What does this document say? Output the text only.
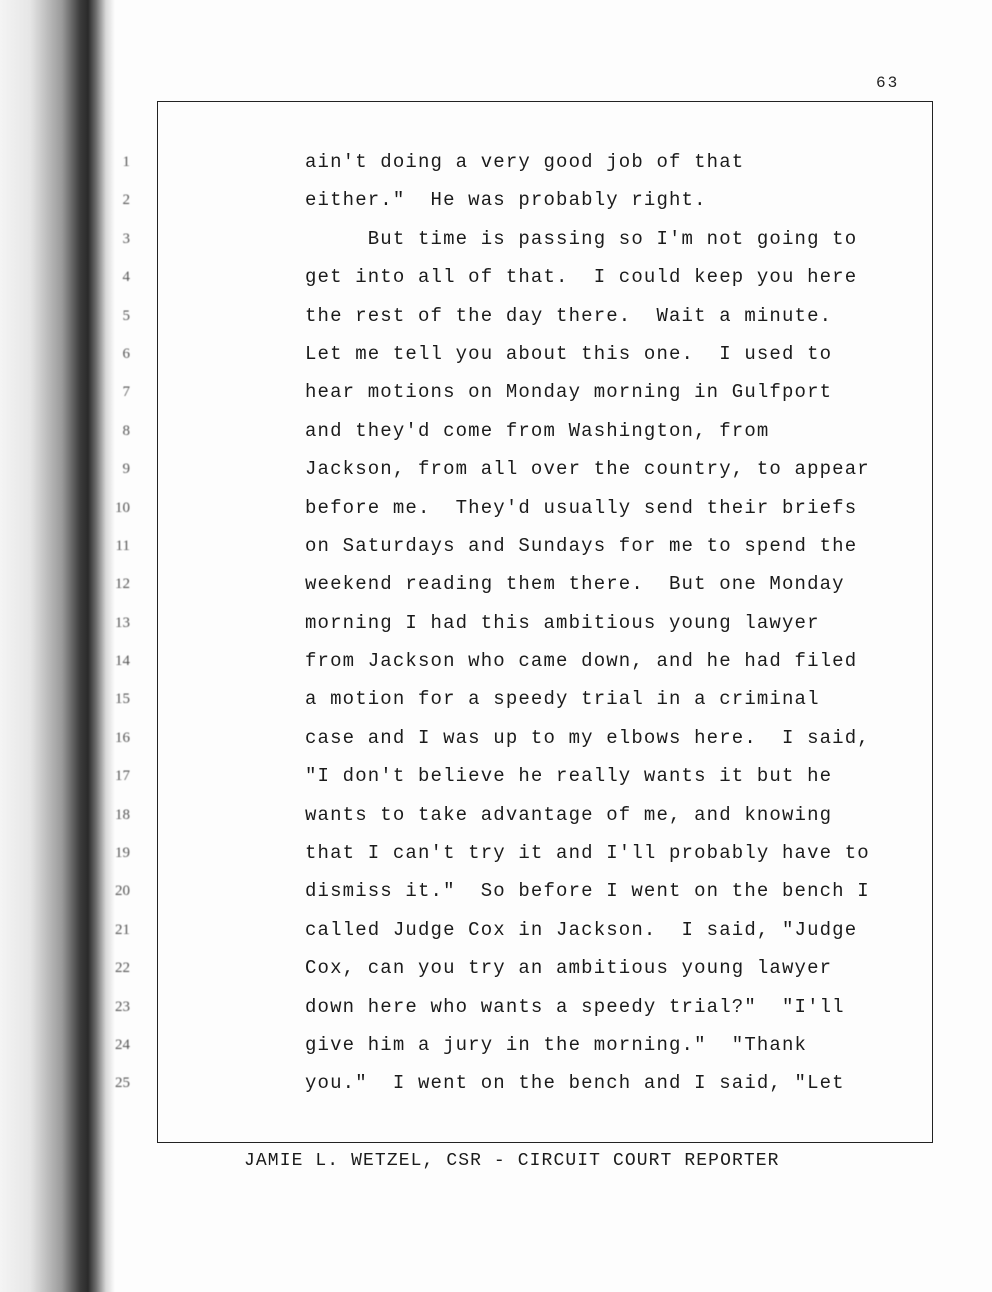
63
1
2
3
4
5
6
7
8
9
10
11
12
13
14
15
16
17
18
19
20
21
22
23
24
25
ain't doing a very good job of that
either."  He was probably right.
But time is passing so I'm not going to
get into all of that.  I could keep you here
the rest of the day there.  Wait a minute.
Let me tell you about this one.  I used to
hear motions on Monday morning in Gulfport
and they'd come from Washington, from
Jackson, from all over the country, to appear
before me.  They'd usually send their briefs
on Saturdays and Sundays for me to spend the
weekend reading them there.  But one Monday
morning I had this ambitious young lawyer
from Jackson who came down, and he had filed
a motion for a speedy trial in a criminal
case and I was up to my elbows here.  I said,
"I don't believe he really wants it but he
wants to take advantage of me, and knowing
that I can't try it and I'll probably have to
dismiss it."  So before I went on the bench I
called Judge Cox in Jackson.  I said, "Judge
Cox, can you try an ambitious young lawyer
down here who wants a speedy trial?"  "I'll
give him a jury in the morning."  "Thank
you."  I went on the bench and I said, "Let
JAMIE L. WETZEL, CSR - CIRCUIT COURT REPORTER
